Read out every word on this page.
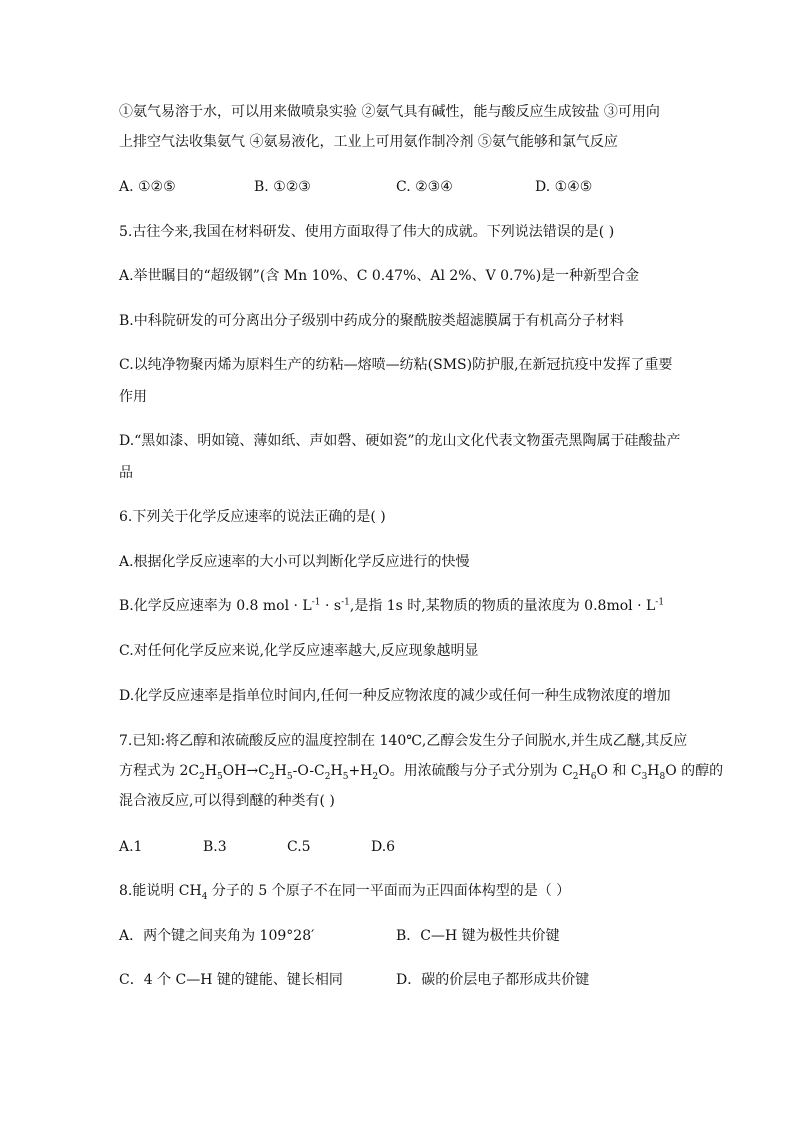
①氨气易溶于水，可以用来做喷泉实验 ②氨气具有碱性，能与酸反应生成铵盐 ③可用向
上排空气法收集氨气 ④氨易液化，工业上可用氨作制冷剂 ⑤氨气能够和氯气反应
A. ①②⑤	B. ①②③	C. ②③④	D. ①④⑤
5.古往今来,我国在材料研发、使用方面取得了伟大的成就。下列说法错误的是( )
A.举世瞩目的“超级钢”(含 Mn 10%、C 0.47%、Al 2%、V 0.7%)是一种新型合金
B.中科院研发的可分离出分子级别中药成分的聚酰胺类超滤膜属于有机高分子材料
C.以纯净物聚丙烯为原料生产的纺粘—熔喷—纺粘(SMS)防护服,在新冠抗疫中发挥了重要
作用
D.“黑如漆、明如镜、薄如纸、声如磬、硬如瓷”的龙山文化代表文物蛋壳黑陶属于硅酸盐产
品
6.下列关于化学反应速率的说法正确的是( )
A.根据化学反应速率的大小可以判断化学反应进行的快慢
B.化学反应速率为 0.8 mol · $L^{-1} \cdot s^{-1}$,是指 1s 时,某物质的物质的量浓度为 $0.8mol \cdot L^{-1}$
C.对任何化学反应来说,化学反应速率越大,反应现象越明显
D.化学反应速率是指单位时间内,任何一种反应物浓度的减少或任何一种生成物浓度的增加
7.已知:将乙醇和浓硫酸反应的温度控制在 140℃,乙醇会发生分子间脱水,并生成乙醚,其反应
方程式为 $2C_2H_5OH\to C_2H_5-O-C_2H_5+H_2O$。用浓硫酸与分子式分别为 $C_2H_6O$ 和 $C_3H_8O$ 的醇的
混合液反应,可以得到醚的种类有( )
A.1	B.3	C.5	D.6
8.能说明 $CH_4$ 分子的 5 个原子不在同一平面而为正四面体构型的是（ ）
A．两个键之间夹角为 109°28′	B．C—H 键为极性共价键
C．4 个 C—H 键的键能、键长相同	D．碳的价层电子都形成共价键
